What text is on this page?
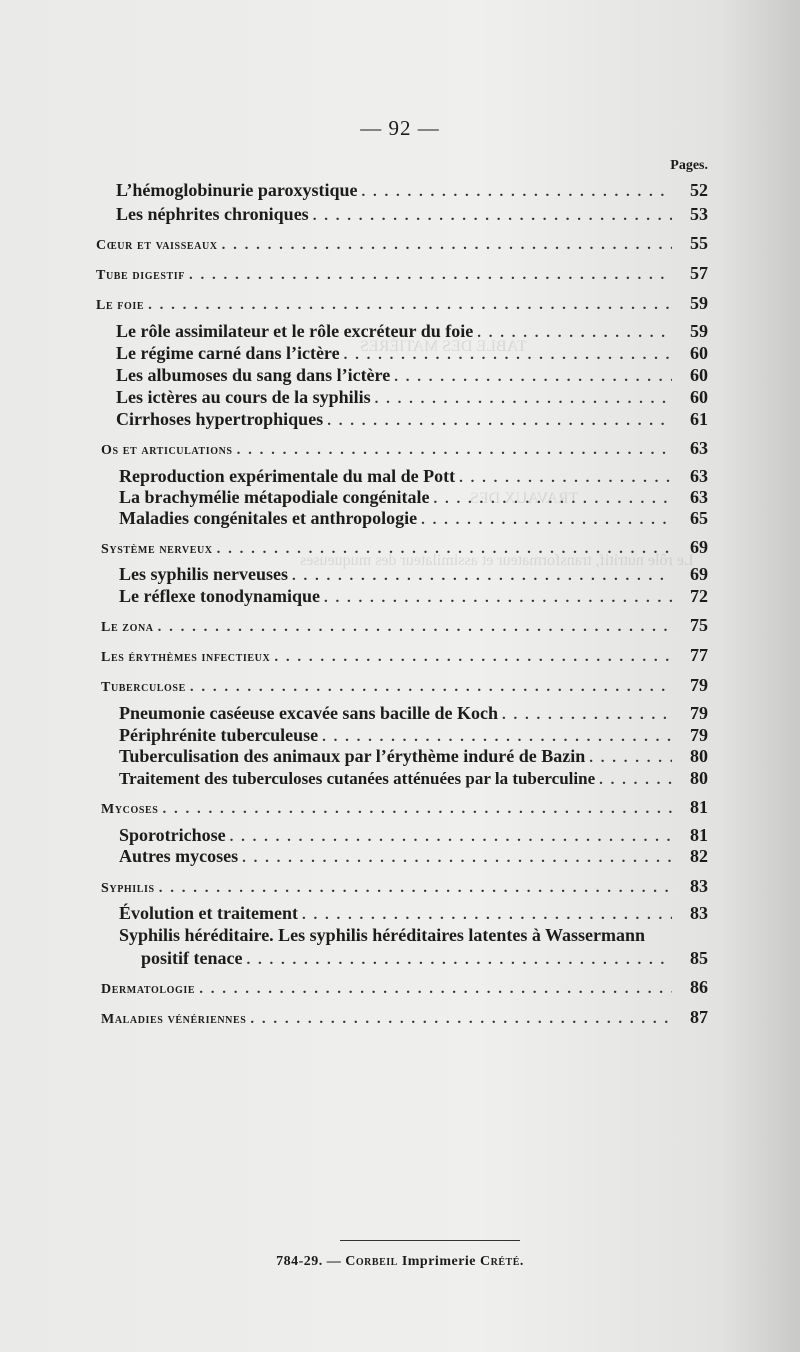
TABLE DES MATIÈRES
TRAVAUX DES
Le rôle nutritif, transformateur et assimilateur des muqueuses
— 92 —
Pages.
L’hémoglobinurie paroxystique . . .	52
Les néphrites chroniques . . .	53
Cœur et vaisseaux . . .	55
Tube digestif . . .	57
Le foie . . .	59
Le rôle assimilateur et le rôle excréteur du foie . . .	59
Le régime carné dans l’ictère . . .	60
Les albumoses du sang dans l’ictère . . .	60
Les ictères au cours de la syphilis . . .	60
Cirrhoses hypertrophiques . . .	61
Os et articulations . . .	63
Reproduction expérimentale du mal de Pott . . .	63
La brachymélie métapodiale congénitale . . .	63
Maladies congénitales et anthropologie . . .	65
Système nerveux . . .	69
Les syphilis nerveuses . . .	69
Le réflexe tonodynamique . . .	72
Le zona . . .	75
Les érythèmes infectieux . . .	77
Tuberculose . . .	79
Pneumonie caséeuse excavée sans bacille de Koch . . .	79
Périphrénite tuberculeuse . . .	79
Tuberculisation des animaux par l’érythème induré de Bazin . . .	80
Traitement des tuberculoses cutanées atténuées par la tuberculine . . .	80
Mycoses . . .	81
Sporotrichose . . .	81
Autres mycoses . . .	82
Syphilis . . .	83
Évolution et traitement . . .	83
Syphilis héréditaire. Les syphilis héréditaires latentes à Wassermann
positif tenace . . .	85
Dermatologie . . .	86
Maladies vénériennes . . .	87
784-29. — Corbeil Imprimerie Crété.
